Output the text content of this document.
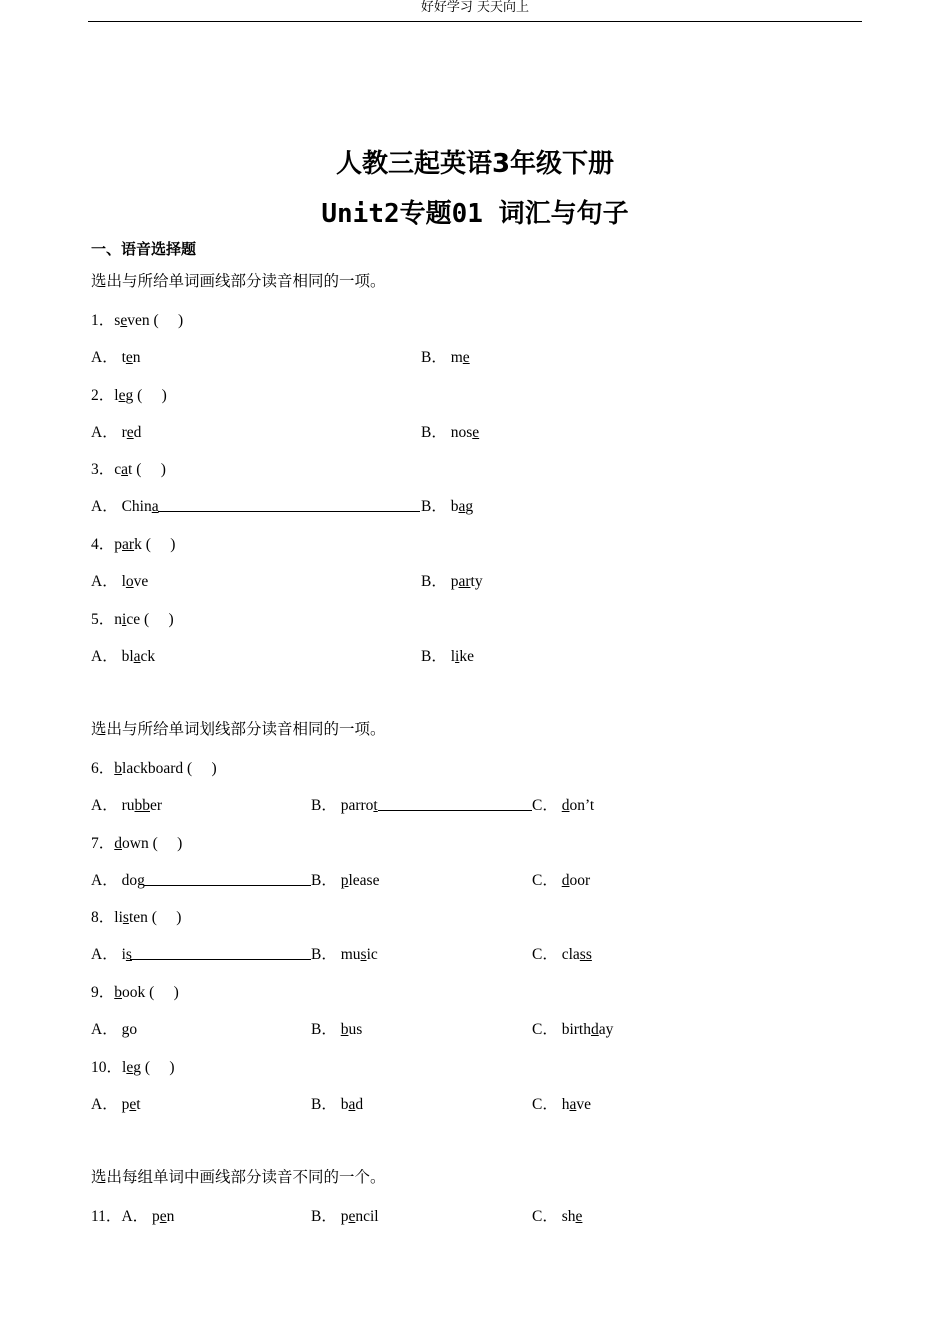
好好学习 天天向上
人教三起英语3年级下册
Unit2专题01 词汇与句子
一、语音选择题
选出与所给单词画线部分读音相同的一项。
选出与所给单词划线部分读音相同的一项。
选出每组单词中画线部分读音不同的一个。
1．seven (     )
A． ten	B． me
2．leg (     )
A． red	B． nose
3．cat (     )
A． China	B． bag
4．park (     )
A． love	B． party
5．nice (     )
A． black	B． like
6．blackboard (     )
A． rubber	B． parrot	C． don’t
7．down (     )
A． dog	B． please	C． door
8．listen (     )
A． is	B． music	C． class
9．book (     )
A． go	B． bus	C． birthday
10．leg (     )
A． pet	B． bad	C． have
11．A． pen	B． pencil	C． she
